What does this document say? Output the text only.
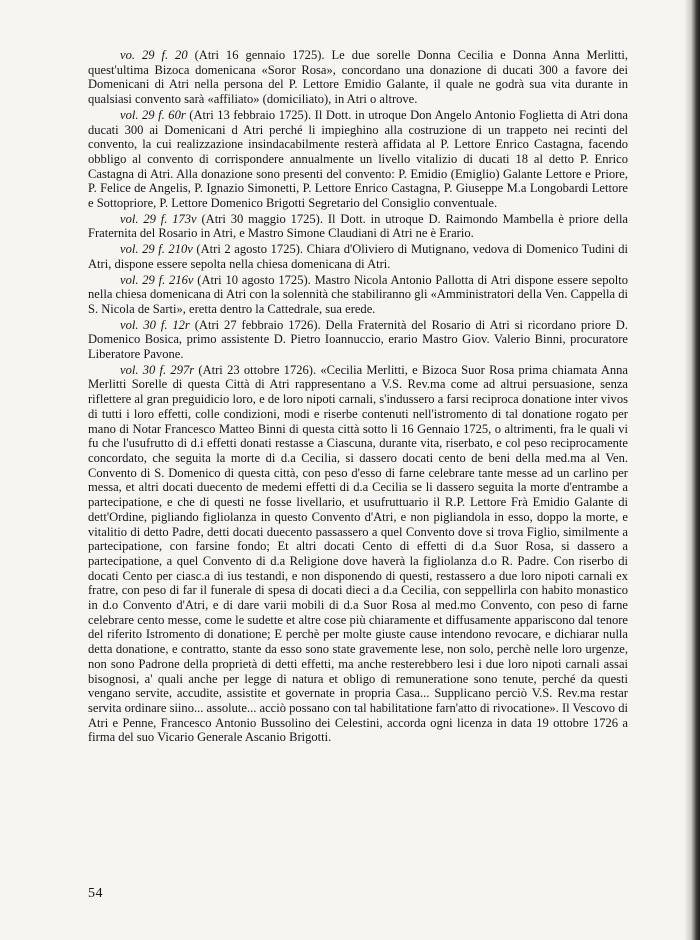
vo. 29 f. 20 (Atri 16 gennaio 1725). Le due sorelle Donna Cecilia e Donna Anna Merlitti, quest'ultima Bizoca domenicana «Soror Rosa», concordano una donazione di ducati 300 a favore dei Domenicani di Atri nella persona del P. Lettore Emidio Galante, il quale ne godrà sua vita durante in qualsiasi convento sarà «affiliato» (domiciliato), in Atri o altrove.

vol. 29 f. 60r (Atri 13 febbraio 1725). Il Dott. in utroque Don Angelo Antonio Foglietta di Atri dona ducati 300 ai Domenicani d Atri perché li impieghino alla costruzione di un trappeto nei recinti del convento, la cui realizzazione insindacabilmente resterà affidata al P. Lettore Enrico Castagna, facendo obbligo al convento di corrispondere annualmente un livello vitalizio di ducati 18 al detto P. Enrico Castagna di Atri. Alla donazione sono presenti del convento: P. Emidio (Emiglio) Galante Lettore e Priore, P. Felice de Angelis, P. Ignazio Simonetti, P. Lettore Enrico Castagna, P. Giuseppe M.a Longobardi Lettore e Sottopriore, P. Lettore Domenico Brigotti Segretario del Consiglio conventuale.

vol. 29 f. 173v (Atri 30 maggio 1725). Il Dott. in utroque D. Raimondo Mambella è priore della Fraternita del Rosario in Atri, e Mastro Simone Claudiani di Atri ne è Erario.

vol. 29 f. 210v (Atri 2 agosto 1725). Chiara d'Oliviero di Mutignano, vedova di Domenico Tudini di Atri, dispone essere sepolta nella chiesa domenicana di Atri.

vol. 29 f. 216v (Atri 10 agosto 1725). Mastro Nicola Antonio Pallotta di Atri dispone essere sepolto nella chiesa domenicana di Atri con la solennità che stabiliranno gli «Amministratori della Ven. Cappella di S. Nicola de Sarti», eretta dentro la Cattedrale, sua erede.

vol. 30 f. 12r (Atri 27 febbraio 1726). Della Fraternità del Rosario di Atri si ricordano priore D. Domenico Bosica, primo assistente D. Pietro Ioannuccio, erario Mastro Giov. Valerio Binni, procuratore Liberatore Pavone.

vol. 30 f. 297r (Atri 23 ottobre 1726). «Cecilia Merlitti, e Bizoca Suor Rosa prima chiamata Anna Merlitti Sorelle di questa Città di Atri rappresentano a V.S. Rev.ma come ad altrui persuasione, senza riflettere al gran preguidicio loro, e de loro nipoti carnali, s'indussero a farsi reciproca donatione inter vivos di tutti i loro effetti, colle condizioni, modi e riserbe contenuti nell'istromento di tal donatione rogato per mano di Notar Francesco Matteo Binni di questa città sotto li 16 Gennaio 1725, o altrimenti, fra le quali vi fu che l'usufrutto di d.i effetti donati restasse a Ciascuna, durante vita, riserbato, e col peso reciprocamente concordato, che seguita la morte di d.a Cecilia, si dassero docati cento de beni della med.ma al Ven. Convento di S. Domenico di questa città, con peso d'esso di farne celebrare tante messe ad un carlino per messa, et altri docati duecento de medemi effetti di d.a Cecilia se li dassero seguita la morte d'entrambe a partecipatione, e che di questi ne fosse livellario, et usufruttuario il R.P. Lettore Frà Emidio Galante di dett'Ordine, pigliando figliolanza in questo Convento d'Atri, e non pigliandola in esso, doppo la morte, e vitalitio di detto Padre, detti docati duecento passassero a quel Convento dove si trova Figlio, similmente a partecipatione, con farsine fondo; Et altri docati Cento di effetti di d.a Suor Rosa, si dassero a partecipatione, a quel Convento di d.a Religione dove haverà la figliolanza d.o R. Padre. Con riserbo di docati Cento per ciasc.a di ius testandi, e non disponendo di questi, restassero a due loro nipoti carnali ex fratre, con peso di far il funerale di spesa di docati dieci a d.a Cecilia, con seppellirla con habito monastico in d.o Convento d'Atri, e di dare varii mobili di d.a Suor Rosa al med.mo Convento, con peso di farne celebrare cento messe, come le sudette et altre cose più chiaramente et diffusamente appariscono dal tenore del riferito Istromento di donatione; E perchè per molte giuste cause intendono revocare, e dichiarar nulla detta donatione, e contratto, stante da esso sono state gravemente lese, non solo, perchè nelle loro urgenze, non sono Padrone della proprietà di detti effetti, ma anche resterebbero lesi i due loro nipoti carnali assai bisognosi, a' quali anche per legge di natura et obligo di remuneratione sono tenute, perché da questi vengano servite, accudite, assistite et governate in propria Casa... Supplicano perciò V.S. Rev.ma restar servita ordinare siino... assolute... acciò possano con tal habilitatione farn'atto di rivocatione». Il Vescovo di Atri e Penne, Francesco Antonio Bussolino dei Celestini, accorda ogni licenza in data 19 ottobre 1726 a firma del suo Vicario Generale Ascanio Brigotti.

54
